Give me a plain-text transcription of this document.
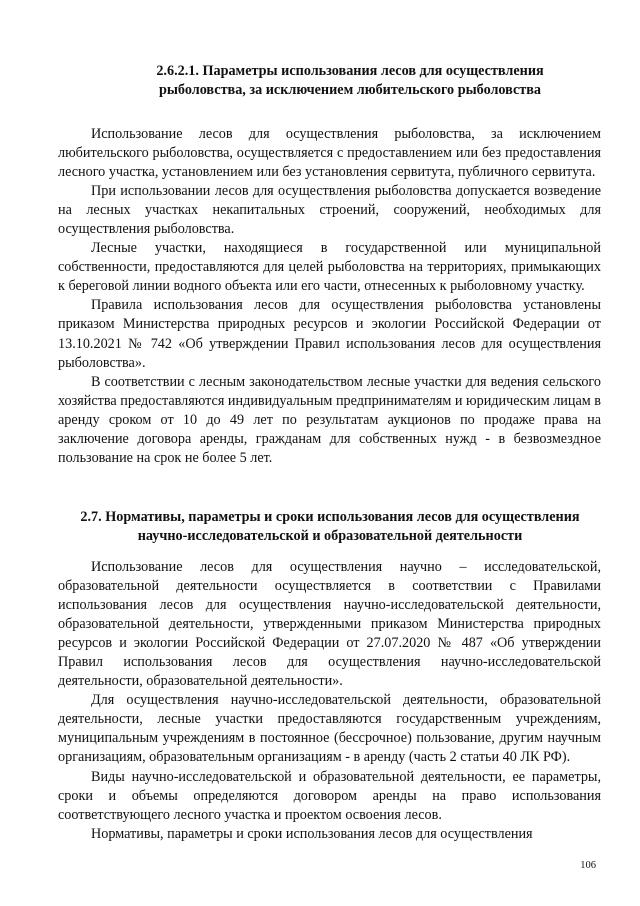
2.6.2.1. Параметры использования лесов для осуществления рыболовства, за исключением любительского рыболовства

Использование лесов для осуществления рыболовства, за исключением любительского рыболовства, осуществляется с предоставлением или без предоставления лесного участка, установлением или без установления сервитута, публичного сервитута.

При использовании лесов для осуществления рыболовства допускается возведение на лесных участках некапитальных строений, сооружений, необходимых для осуществления рыболовства.

Лесные участки, находящиеся в государственной или муниципальной собственности, предоставляются для целей рыболовства на территориях, примыкающих к береговой линии водного объекта или его части, отнесенных к рыболовному участку.

Правила использования лесов для осуществления рыболовства установлены приказом Министерства природных ресурсов и экологии Российской Федерации от 13.10.2021 № 742 «Об утверждении Правил использования лесов для осуществления рыболовства».

В соответствии с лесным законодательством лесные участки для ведения сельского хозяйства предоставляются индивидуальным предпринимателям и юридическим лицам в аренду сроком от 10 до 49 лет по результатам аукционов по продаже права на заключение договора аренды, гражданам для собственных нужд - в безвозмездное пользование на срок не более 5 лет.

2.7. Нормативы, параметры и сроки использования лесов для осуществления научно-исследовательской и образовательной деятельности

Использование лесов для осуществления научно – исследовательской, образовательной деятельности осуществляется в соответствии с Правилами использования лесов для осуществления научно-исследовательской деятельности, образовательной деятельности, утвержденными приказом Министерства природных ресурсов и экологии Российской Федерации от 27.07.2020 № 487 «Об утверждении Правил использования лесов для осуществления научно-исследовательской деятельности, образовательной деятельности».

Для осуществления научно-исследовательской деятельности, образовательной деятельности, лесные участки предоставляются государственным учреждениям, муниципальным учреждениям в постоянное (бессрочное) пользование, другим научным организациям, образовательным организациям - в аренду (часть 2 статьи 40 ЛК РФ).

Виды научно-исследовательской и образовательной деятельности, ее параметры, сроки и объемы определяются договором аренды на право использования соответствующего лесного участка и проектом освоения лесов.

Нормативы, параметры и сроки использования лесов для осуществления

106
